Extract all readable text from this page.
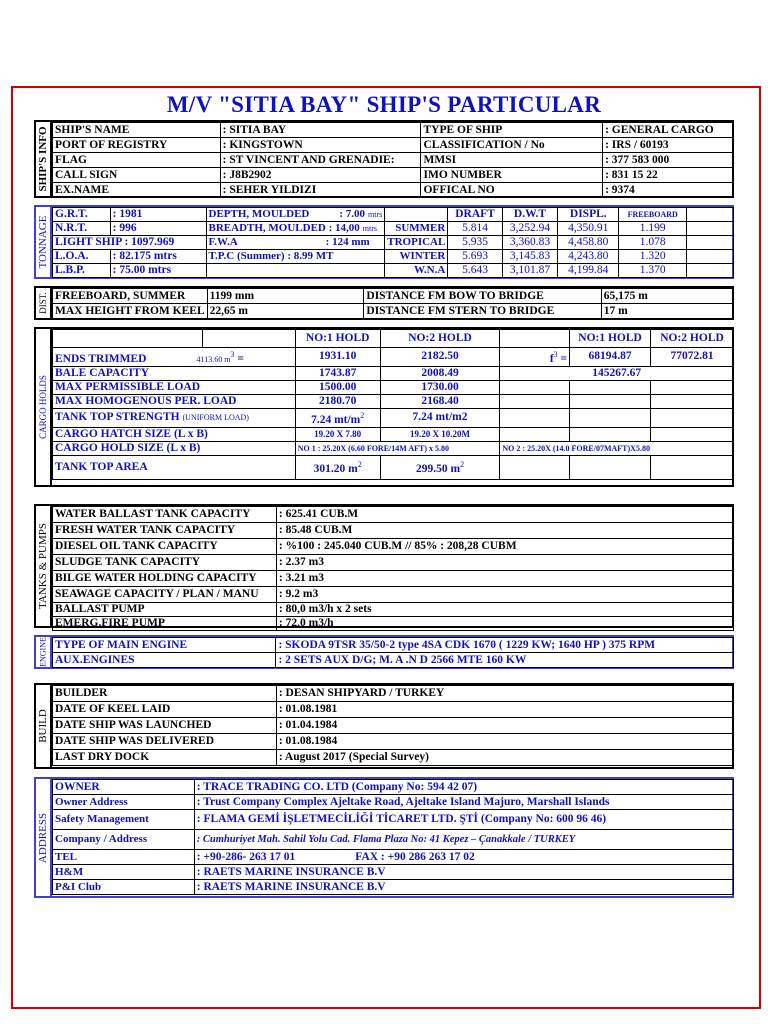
M/V "SITIA BAY" SHIP'S PARTICULAR
SHIP'S INFO SHIP'S NAME	: SITIA BAY	TYPE OF SHIP	: GENERAL CARGO
PORT OF REGISTRY	: KINGSTOWN	CLASSIFICATION / No	: IRS / 60193
FLAG	: ST VINCENT AND GRENADIE:	MMSI	: 377 583 000
CALL SIGN	: J8B2902	IMO NUMBER	: 831 15 22
EX.NAME	: SEHER YILDIZI	OFFICAL NO	: 9374
TONNAGE
G.R.T.	: 1981	DEPTH, MOULDED : 7.00 mtrs		DRAFT	D.W.T	DISPL.	FREEBOARD	
N.R.T.	: 996	BREADTH, MOULDED : 14,00 mtrs	SUMMER	5.814	3,252.94	4,350.91	1.199	
LIGHT SHIP : 1097.969		F.W.A : 124 mm	TROPICAL	5.935	3,360.83	4,458.80	1.078	
L.O.A.	: 82.175 mtrs	T.P.C (Summer) : 8.99 MT	WINTER	5.693	3,145.83	4,243.80	1.320	
L.B.P.	: 75.00 mtrs		W.N.A	5.643	3,101.87	4,199.84	1.370	
DIST. FREEBOARD, SUMMER	1199 mm	DISTANCE FM BOW TO BRIDGE	65,175 m
MAX HEIGHT FROM KEEL	22,65 m	DISTANCE FM STERN TO BRIDGE	17 m
CARGO HOLDS
		NO:1 HOLD	NO:2 HOLD		NO:1 HOLD	NO:2 HOLD
ENDS TRIMMED 4113.60 $m^3$ =		1931.10	2182.50	$f^3$ =	68194.87	77072.81
BALE CAPACITY		1743.87	2008.49	145267.67		
MAX PERMISSIBLE LOAD		1500.00	1730.00			
MAX HOMOGENOUS PER. LOAD		2180.70	2168.40			
TANK TOP STRENGTH (UNIFORM LOAD)		7.24 $mt/m^2$	7.24 mt/m2			
CARGO HATCH SIZE (L x B)		19.20 X 7.80	19.20 X 10.20M			
CARGO HOLD SIZE (L x B)		NO 1 : 25.20X (6.60 FORE/14M AFT) x 5.80		NO 2 : 25.20X (14.0 FORE/07MAFT)X5.80		
TANK TOP AREA		301.20 $m^2$	299.50 $m^2$			
TANKS & PUMPS
WATER BALLAST TANK CAPACITY	: 625.41 CUB.M
FRESH WATER TANK CAPACITY	: 85.48 CUB.M
DIESEL OIL TANK CAPACITY	: %100 : 245.040 CUB.M // 85% : 208,28 CUBM
SLUDGE TANK CAPACITY	: 2.37 m3
BILGE WATER HOLDING CAPACITY	: 3.21 m3
SEAWAGE CAPACITY / PLAN / MANU	: 9.2 m3
BALLAST PUMP	: 80,0 m3/h x 2 sets
EMERG.FIRE PUMP	: 72,0 m3/h
ENGINE TYPE OF MAIN ENGINE	: SKODA 9TSR 35/50-2 type 4SA CDK 1670 ( 1229 KW; 1640 HP ) 375 RPM
AUX.ENGINES	: 2 SETS AUX D/G; M. A .N D 2566 MTE 160 KW
BUILD
BUILDER	: DESAN SHIPYARD / TURKEY
DATE OF KEEL LAID	: 01.08.1981
DATE SHIP WAS LAUNCHED	: 01.04.1984
DATE SHIP WAS DELIVERED	: 01.08.1984
LAST DRY DOCK	: August 2017 (Special Survey)
ADDRESS
OWNER	: TRACE TRADING CO. LTD (Company No: 594 42 07)
Owner Address	: Trust Company Complex Ajeltake Road, Ajeltake Island Majuro, Marshall Islands
Safety Management	: FLAMA GEMİ İŞLETMECİLİĞİ TİCARET LTD. ŞTİ (Company No: 600 96 46)
Company / Address	: Cumhuriyet Mah. Sahil Yolu Cad. Flama Plaza No: 41 Kepez – Çanakkale / TURKEY
TEL	: +90-286- 263 17 01 FAX : +90 286 263 17 02
H&M	: RAETS MARINE INSURANCE B.V
P&I Club	: RAETS MARINE INSURANCE B.V
